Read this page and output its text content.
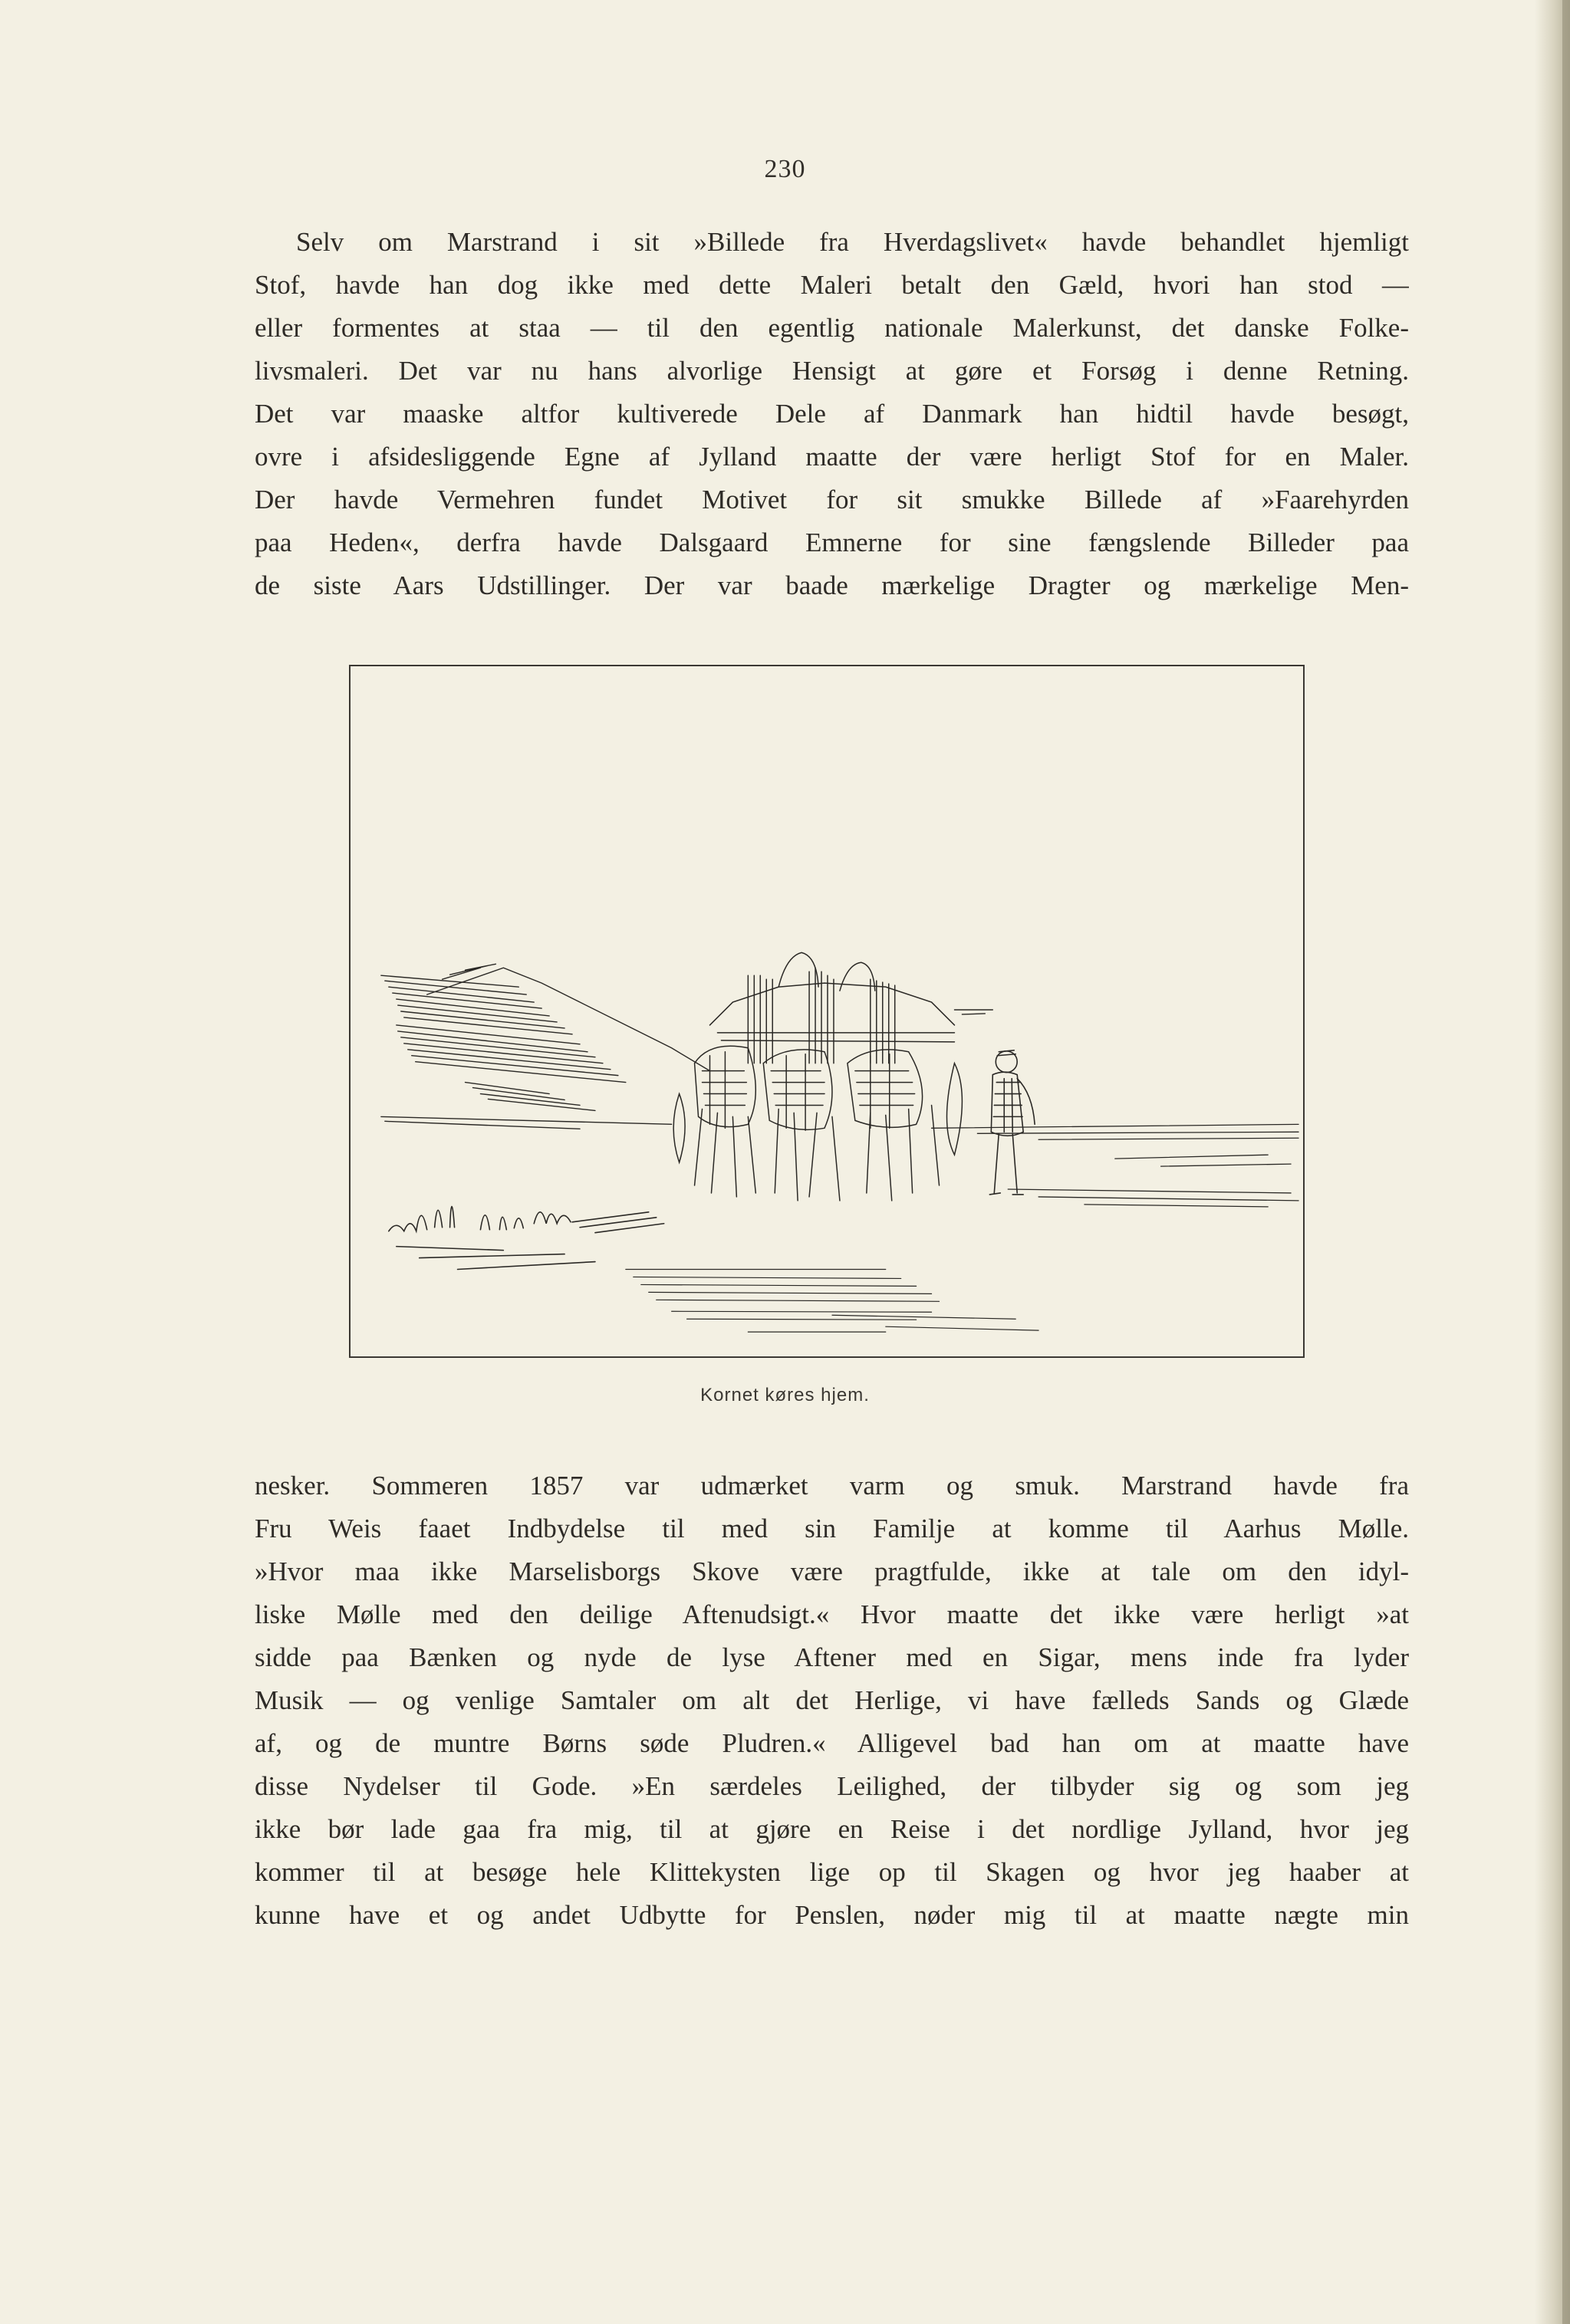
230
Selv om Marstrand i sit »Billede fra Hverdagslivet« havde behandlet hjemligt
Stof, havde han dog ikke med dette Maleri betalt den Gæld, hvori han stod —
eller formentes at staa — til den egentlig nationale Malerkunst, det danske Folke-
livsmaleri. Det var nu hans alvorlige Hensigt at gøre et Forsøg i denne Retning.
Det var maaske altfor kultiverede Dele af Danmark han hidtil havde besøgt,
ovre i afsidesliggende Egne af Jylland maatte der være herligt Stof for en Maler.
Der havde Vermehren fundet Motivet for sit smukke Billede af »Faarehyrden
paa Heden«, derfra havde Dalsgaard Emnerne for sine fængslende Billeder paa
de siste Aars Udstillinger. Der var baade mærkelige Dragter og mærkelige Men-
Kornet køres hjem.
nesker. Sommeren 1857 var udmærket varm og smuk. Marstrand havde fra
Fru Weis faaet Indbydelse til med sin Familje at komme til Aarhus Mølle.
»Hvor maa ikke Marselisborgs Skove være pragtfulde, ikke at tale om den idyl-
liske Mølle med den deilige Aftenudsigt.« Hvor maatte det ikke være herligt »at
sidde paa Bænken og nyde de lyse Aftener med en Sigar, mens inde fra lyder
Musik — og venlige Samtaler om alt det Herlige, vi have fælleds Sands og Glæde
af, og de muntre Børns søde Pludren.« Alligevel bad han om at maatte have
disse Nydelser til Gode. »En særdeles Leilighed, der tilbyder sig og som jeg
ikke bør lade gaa fra mig, til at gjøre en Reise i det nordlige Jylland, hvor jeg
kommer til at besøge hele Klittekysten lige op til Skagen og hvor jeg haaber at
kunne have et og andet Udbytte for Penslen, nøder mig til at maatte nægte min
